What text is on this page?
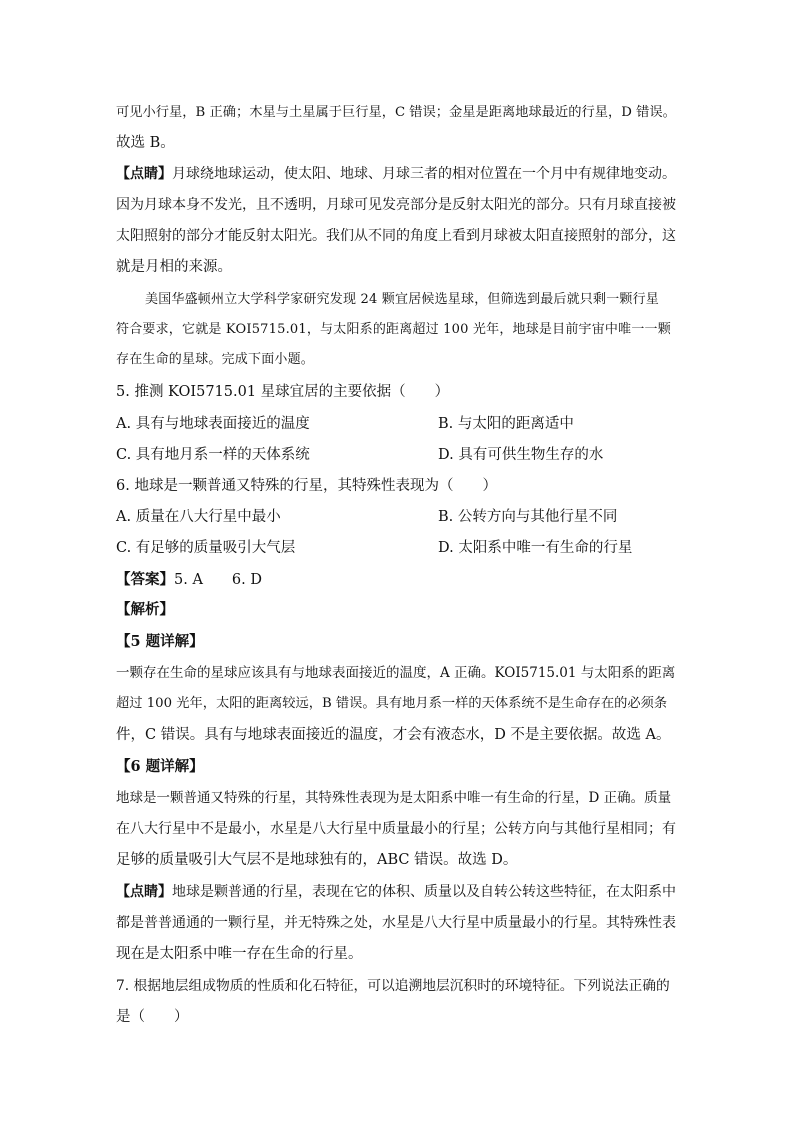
可见小行星，B 正确；木星与土星属于巨行星，C 错误；金星是距离地球最近的行星，D 错误。
故选 B。
【点睛】月球绕地球运动，使太阳、地球、月球三者的相对位置在一个月中有规律地变动。
因为月球本身不发光，且不透明，月球可见发亮部分是反射太阳光的部分。只有月球直接被
太阳照射的部分才能反射太阳光。我们从不同的角度上看到月球被太阳直接照射的部分，这
就是月相的来源。
美国华盛顿州立大学科学家研究发现 24 颗宜居候选星球，但筛选到最后就只剩一颗行星
符合要求，它就是 KOI5715.01，与太阳系的距离超过 100 光年，地球是目前宇宙中唯一一颗
存在生命的星球。完成下面小题。
5. 推测 KOI5715.01 星球宜居的主要依据（　　）
A. 具有与地球表面接近的温度	B. 与太阳的距离适中
C. 具有地月系一样的天体系统	D. 具有可供生物生存的水
6. 地球是一颗普通又特殊的行星，其特殊性表现为（　　）
A. 质量在八大行星中最小	B. 公转方向与其他行星不同
C. 有足够的质量吸引大气层	D. 太阳系中唯一有生命的行星
【答案】5. A　　6. D
【解析】
【5 题详解】
一颗存在生命的星球应该具有与地球表面接近的温度，A 正确。KOI5715.01 与太阳系的距离
超过 100 光年，太阳的距离较远，B 错误。具有地月系一样的天体系统不是生命存在的必须条
件，C 错误。具有与地球表面接近的温度，才会有液态水，D 不是主要依据。故选 A。
【6 题详解】
地球是一颗普通又特殊的行星，其特殊性表现为是太阳系中唯一有生命的行星，D 正确。质量
在八大行星中不是最小，水星是八大行星中质量最小的行星；公转方向与其他行星相同；有
足够的质量吸引大气层不是地球独有的，ABC 错误。故选 D。
【点睛】地球是颗普通的行星，表现在它的体积、质量以及自转公转这些特征，在太阳系中
都是普普通通的一颗行星，并无特殊之处，水星是八大行星中质量最小的行星。其特殊性表
现在是太阳系中唯一存在生命的行星。
7. 根据地层组成物质的性质和化石特征，可以追溯地层沉积时的环境特征。下列说法正确的
是（　　）
